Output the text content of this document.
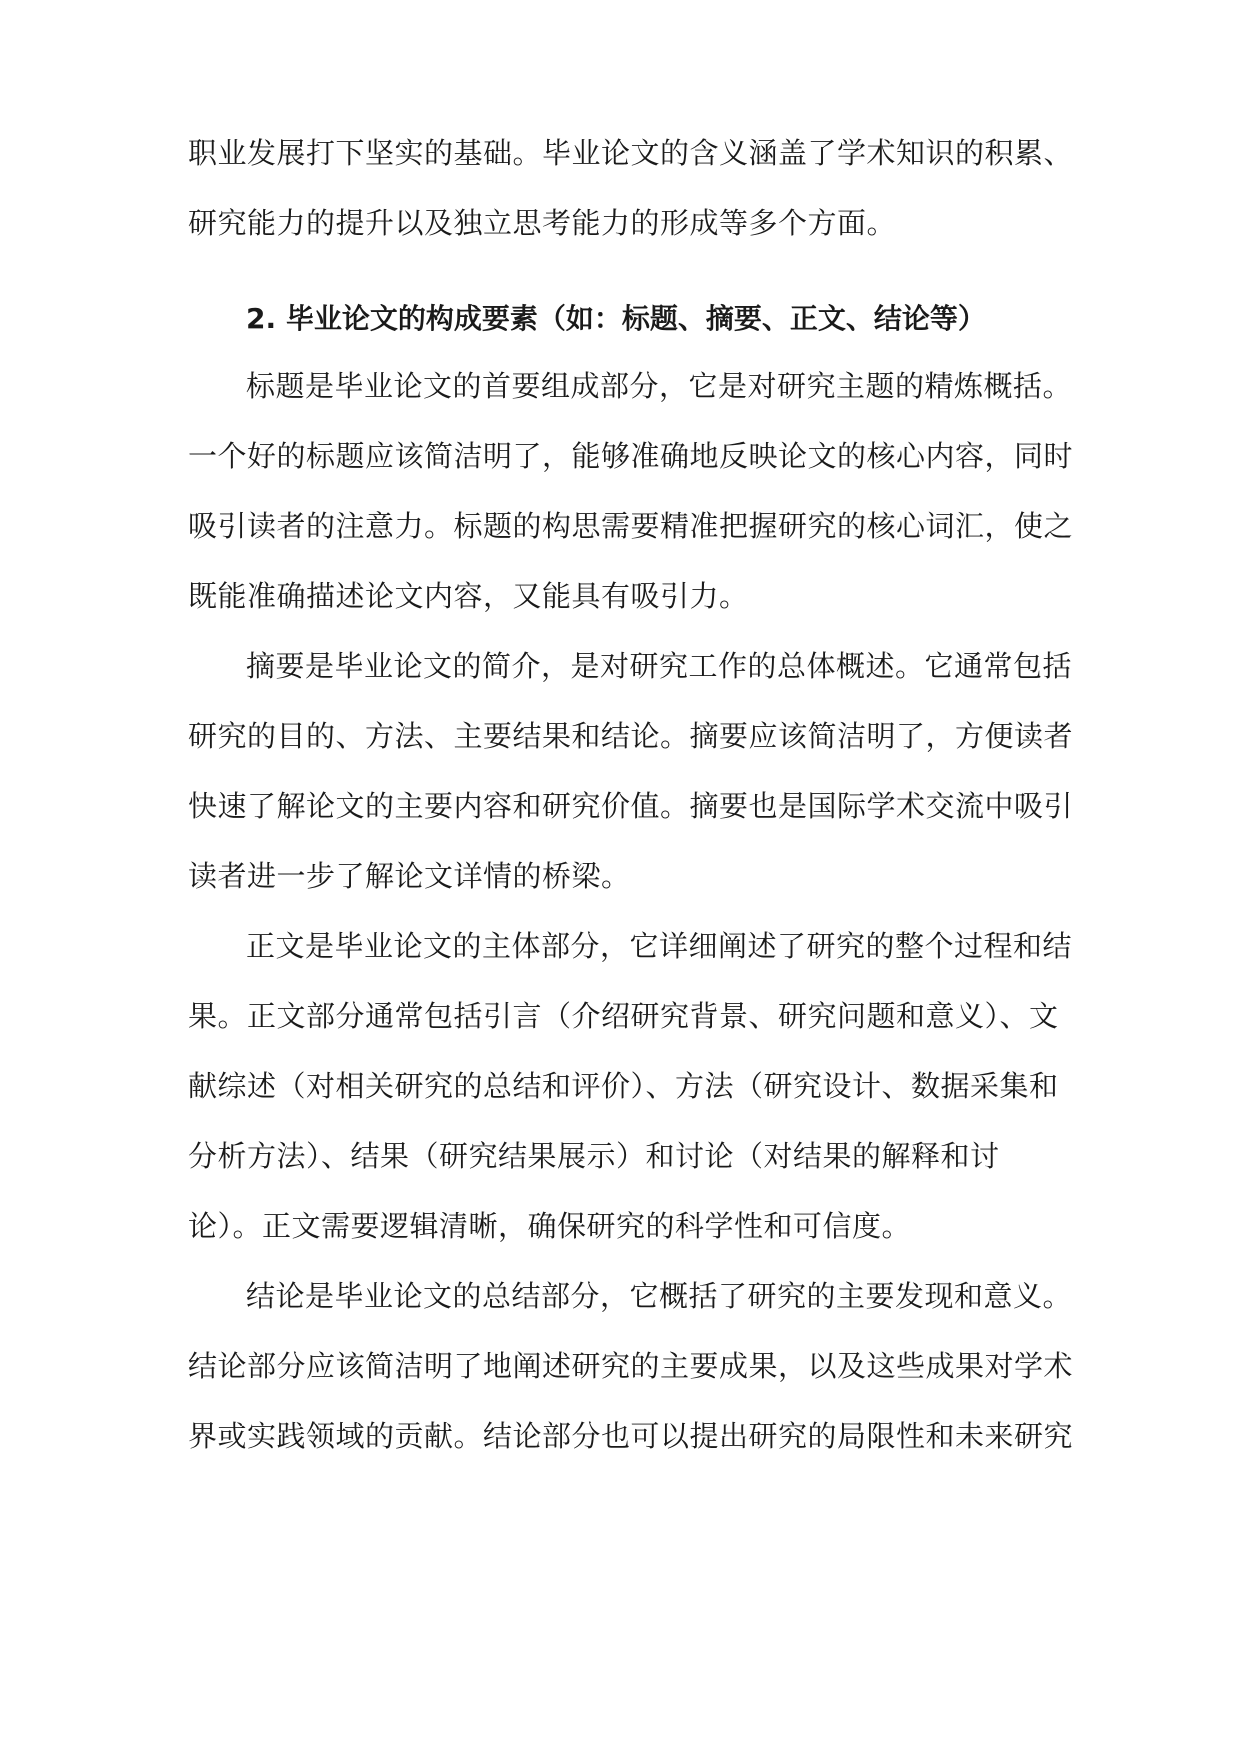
职业发展打下坚实的基础。毕业论文的含义涵盖了学术知识的积累、
研究能力的提升以及独立思考能力的形成等多个方面。
2. 毕业论文的构成要素（如：标题、摘要、正文、结论等）
标题是毕业论文的首要组成部分，它是对研究主题的精炼概括。
一个好的标题应该简洁明了，能够准确地反映论文的核心内容，同时
吸引读者的注意力。标题的构思需要精准把握研究的核心词汇，使之
既能准确描述论文内容，又能具有吸引力。
摘要是毕业论文的简介，是对研究工作的总体概述。它通常包括
研究的目的、方法、主要结果和结论。摘要应该简洁明了，方便读者
快速了解论文的主要内容和研究价值。摘要也是国际学术交流中吸引
读者进一步了解论文详情的桥梁。
正文是毕业论文的主体部分，它详细阐述了研究的整个过程和结
果。正文部分通常包括引言（介绍研究背景、研究问题和意义）、文
献综述（对相关研究的总结和评价）、方法（研究设计、数据采集和
分析方法）、结果（研究结果展示）和讨论（对结果的解释和讨
论）。正文需要逻辑清晰，确保研究的科学性和可信度。
结论是毕业论文的总结部分，它概括了研究的主要发现和意义。
结论部分应该简洁明了地阐述研究的主要成果，以及这些成果对学术
界或实践领域的贡献。结论部分也可以提出研究的局限性和未来研究
